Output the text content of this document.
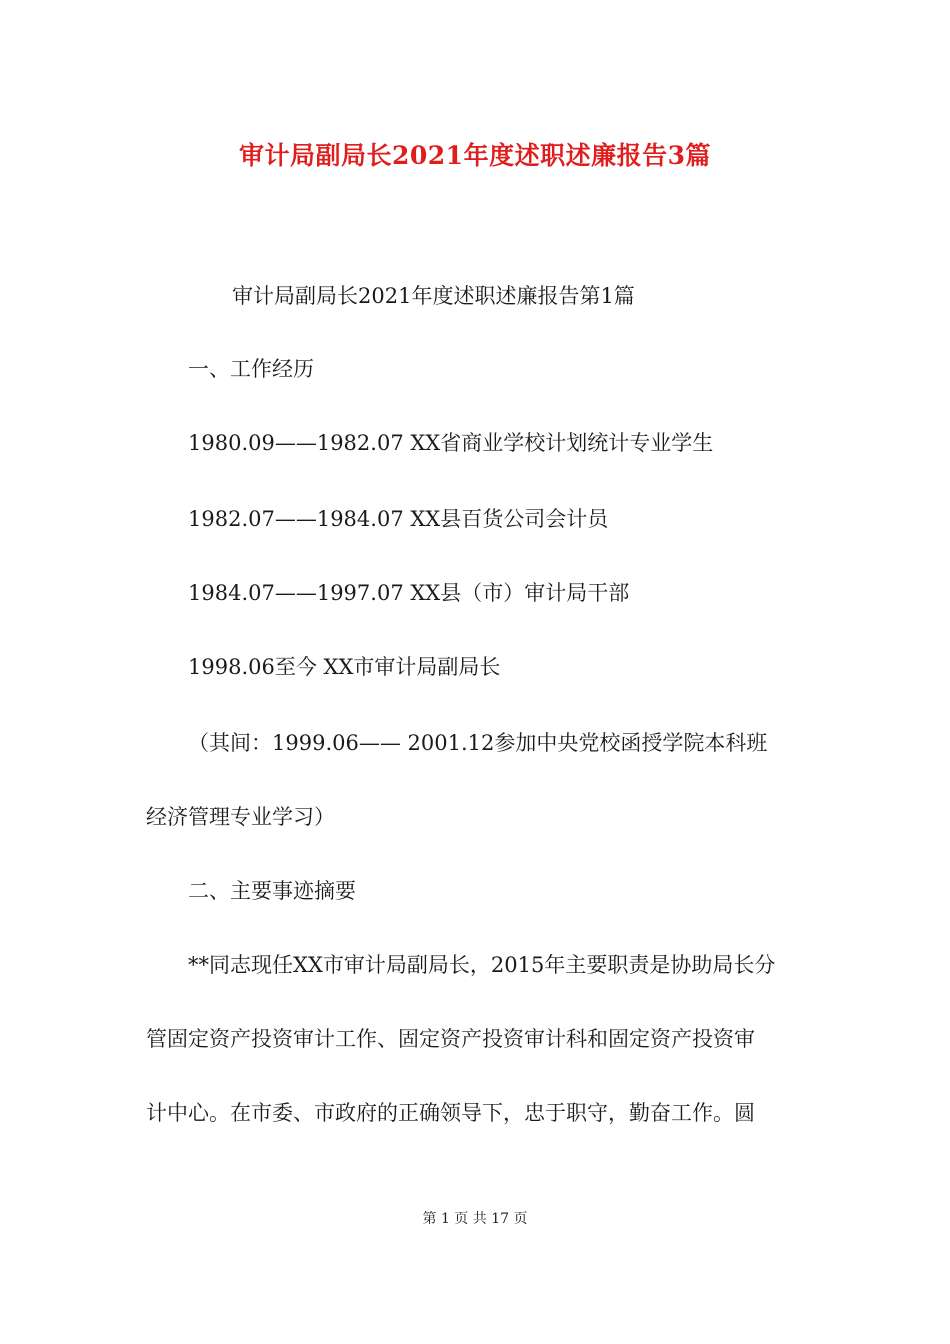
审计局副局长2021年度述职述廉报告3篇
审计局副局长2021年度述职述廉报告第1篇
一、工作经历
1980.09——1982.07 XX省商业学校计划统计专业学生
1982.07——1984.07 XX县百货公司会计员
1984.07——1997.07 XX县（市）审计局干部
1998.06至今 XX市审计局副局长
（其间：1999.06—— 2001.12参加中央党校函授学院本科班
经济管理专业学习）
二、主要事迹摘要
**同志现任XX市审计局副局长，2015年主要职责是协助局长分
管固定资产投资审计工作、固定资产投资审计科和固定资产投资审
计中心。在市委、市政府的正确领导下，忠于职守，勤奋工作。圆
第 1 页 共 17 页
